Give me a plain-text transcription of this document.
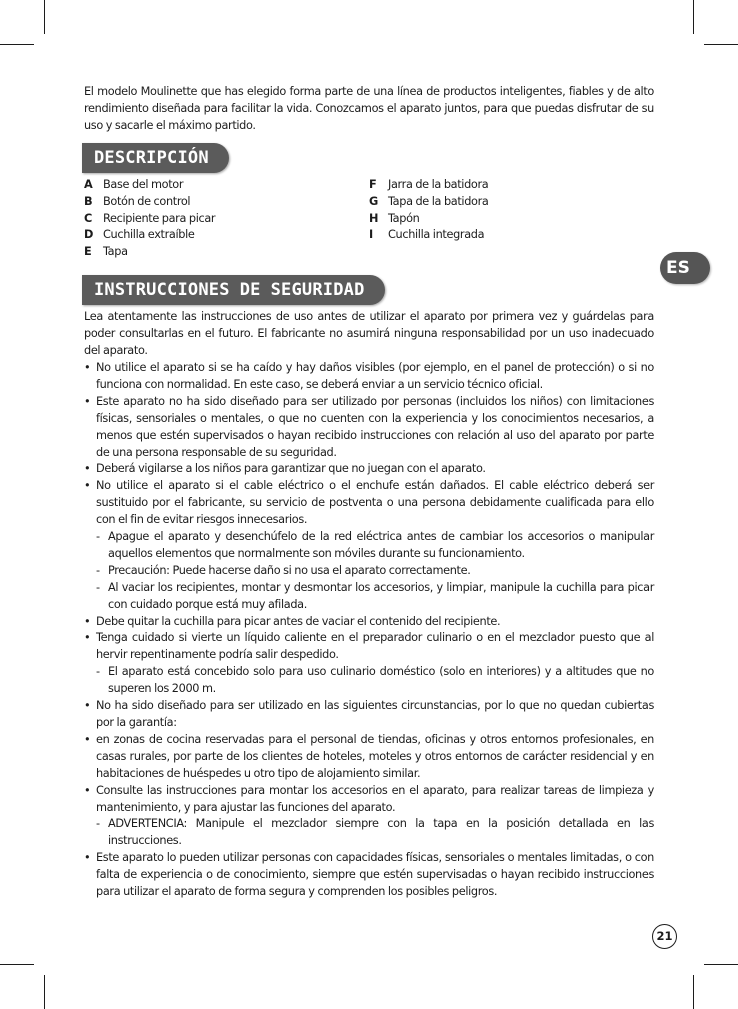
El modelo Moulinette que has elegido forma parte de una línea de productos inteligentes, fiables y de alto rendimiento diseñada para facilitar la vida. Conozcamos el aparato juntos, para que puedas disfrutar de su uso y sacarle el máximo partido.
DESCRIPCIÓN
A Base del motor
B Botón de control
C Recipiente para picar
D Cuchilla extraíble
E	Tapa
F	Jarra de la batidora
G Tapa de la batidora
H Tapón
I	Cuchilla integrada
INSTRUCCIONES DE SEGURIDAD
Lea atentamente las instrucciones de uso antes de utilizar el aparato por primera vez y guárdelas para poder consultarlas en el futuro. El fabricante no asumirá ninguna responsabilidad por un uso inadecuado del aparato.
• No utilice el aparato si se ha caído y hay daños visibles (por ejemplo, en el panel de protección) o si no funciona con normalidad. En este caso, se deberá enviar a un servicio técnico oficial.
• Este aparato no ha sido diseñado para ser utilizado por personas (incluidos los niños) con limitaciones físicas, sensoriales o mentales, o que no cuenten con la experiencia y los conocimientos necesarios, a menos que estén supervisados o hayan recibido instrucciones con relación al uso del aparato por parte de una persona responsable de su seguridad.
• Deberá vigilarse a los niños para garantizar que no juegan con el aparato.
• No utilice el aparato si el cable eléctrico o el enchufe están dañados. El cable eléctrico deberá ser sustituido por el fabricante, su servicio de postventa o una persona debidamente cualificada para ello con el fin de evitar riesgos innecesarios.
- Apague el aparato y desenchúfelo de la red eléctrica antes de cambiar los accesorios o manipular aquellos elementos que normalmente son móviles durante su funcionamiento.
- Precaución: Puede hacerse daño si no usa el aparato correctamente.
- Al vaciar los recipientes, montar y desmontar los accesorios, y limpiar, manipule la cuchilla para picar con cuidado porque está muy afilada.
• Debe quitar la cuchilla para picar antes de vaciar el contenido del recipiente.
• Tenga cuidado si vierte un líquido caliente en el preparador culinario o en el mezclador puesto que al hervir repentinamente podría salir despedido.
- El aparato está concebido solo para uso culinario doméstico (solo en interiores) y a altitudes que no superen los 2000 m.
• No ha sido diseñado para ser utilizado en las siguientes circunstancias, por lo que no quedan cubiertas por la garantía:
• en zonas de cocina reservadas para el personal de tiendas, oficinas y otros entornos profesionales, en casas rurales, por parte de los clientes de hoteles, moteles y otros entornos de carácter residencial y en habitaciones de huéspedes u otro tipo de alojamiento similar.
• Consulte las instrucciones para montar los accesorios en el aparato, para realizar tareas de limpieza y mantenimiento, y para ajustar las funciones del aparato.
- ADVERTENCIA: Manipule el mezclador siempre con la tapa en la posición detallada en las instrucciones.
• Este aparato lo pueden utilizar personas con capacidades físicas, sensoriales o mentales limitadas, o con falta de experiencia o de conocimiento, siempre que estén supervisadas o hayan recibido instrucciones para utilizar el aparato de forma segura y comprenden los posibles peligros.
ES
21
